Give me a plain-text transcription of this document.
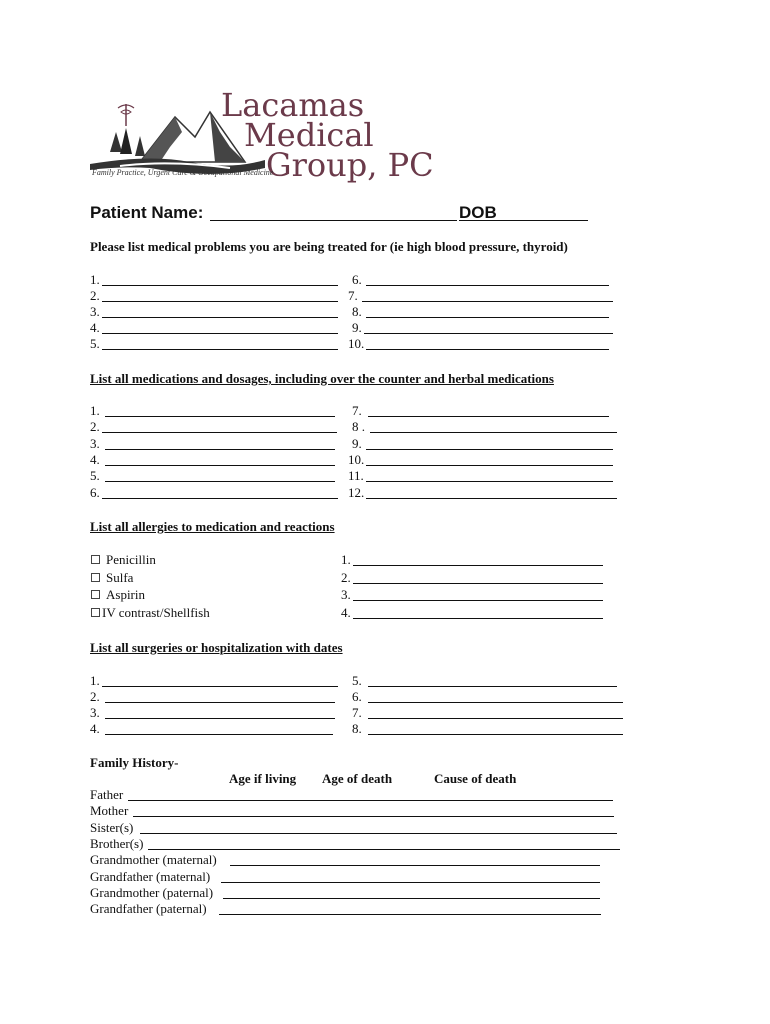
Lacamas
Medical
Group, PC
Family Practice, Urgent Care & Occupational Medicine
Patient Name:	DOB
Please list medical problems you are being treated for (ie high blood pressure, thyroid)
1.
2.
3.
4.
5.
6.
7.
8.
9.
10.
List all medications and dosages, including over the counter and herbal medications
1.
2.
3.
4.
5.
6.
7.
8 .
9.
10.
11.
12.
List all allergies to medication and reactions
Penicillin
Sulfa
Aspirin
IV contrast/Shellfish
1.
2.
3.
4.
List all surgeries or hospitalization with dates
1.
2.
3.
4.
5.
6.
7.
8.
Family History-
Age if living Age of death	Cause of death
Father
Mother
Sister(s)
Brother(s)
Grandmother (maternal)
Grandfather (maternal)
Grandmother (paternal)
Grandfather (paternal)
